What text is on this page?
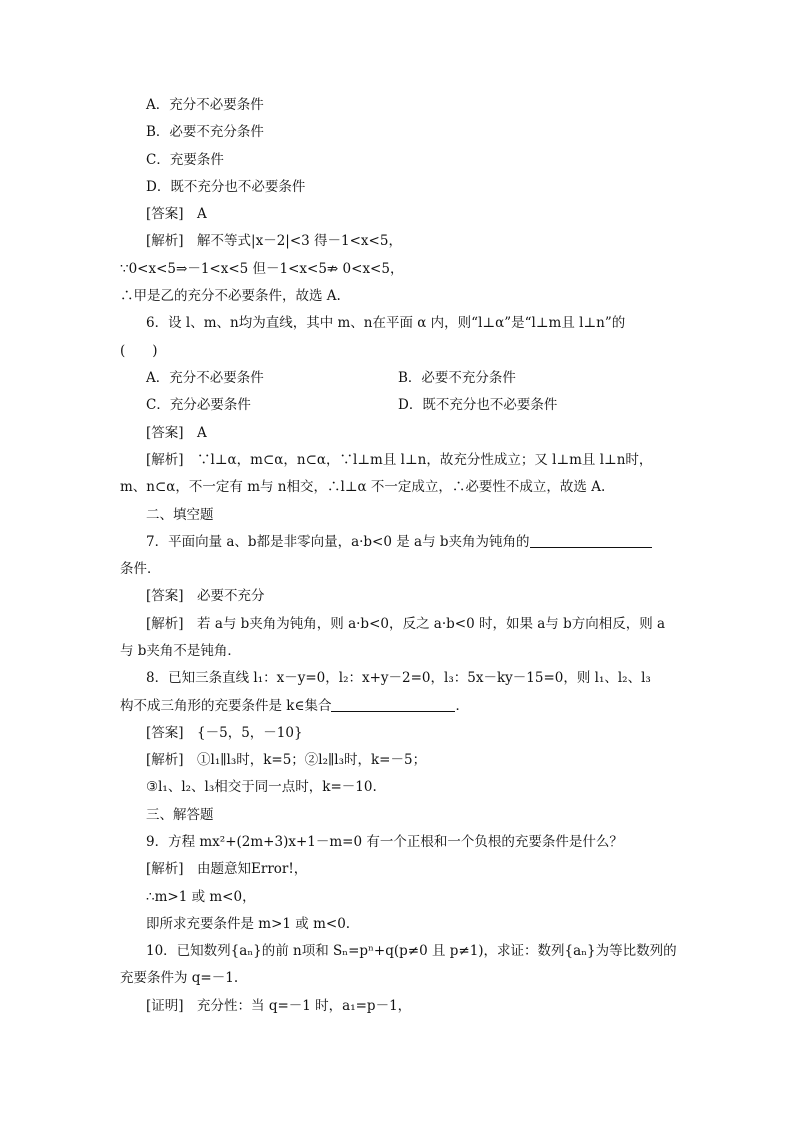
A．充分不必要条件
B．必要不充分条件
C．充要条件
D．既不充分也不必要条件
[答案]　A
[解析]　解不等式|x－2|<3 得－1<x<5，
∵0<x<5⇒－1<x<5 但－1<x<5⇏ 0<x<5，
∴甲是乙的充分不必要条件，故选 A.
6．设 l、m、n均为直线，其中 m、n在平面 α 内，则“l⊥α”是“l⊥m且 l⊥n”的
(　　)
A．充分不必要条件	B．必要不充分条件
C．充分必要条件	D．既不充分也不必要条件
[答案]　A
[解析]　∵l⊥α，m⊂α，n⊂α，∵l⊥m且 l⊥n，故充分性成立；又 l⊥m且 l⊥n时，
m、n⊂α，不一定有 m与 n相交，∴l⊥α 不一定成立，∴必要性不成立，故选 A.
二、填空题
7．平面向量 a、b都是非零向量，a·b<0 是 a与 b夹角为钝角的
条件．
[答案]　必要不充分
[解析]　若 a与 b夹角为钝角，则 a·b<0，反之 a·b<0 时，如果 a与 b方向相反，则 a
与 b夹角不是钝角．
8．已知三条直线 l₁：x－y=0，l₂：x+y－2=0，l₃：5x－ky－15=0，则 l₁、l₂、l₃
构不成三角形的充要条件是 k∈集合	．
[答案]　{－5，5，－10}
[解析]　①l₁∥l₃时，k=5；②l₂∥l₃时，k=－5；
③l₁、l₂、l₃相交于同一点时，k=－10.
三、解答题
9．方程 mx²+(2m+3)x+1－m=0 有一个正根和一个负根的充要条件是什么？
[解析]　由题意知Error!，
∴m>1 或 m<0，
即所求充要条件是 m>1 或 m<0.
10．已知数列{aₙ}的前 n项和 Sₙ=pⁿ+q(p≠0 且 p≠1)，求证：数列{aₙ}为等比数列的
充要条件为 q=－1.
[证明]　充分性：当 q=－1 时，a₁=p－1，
